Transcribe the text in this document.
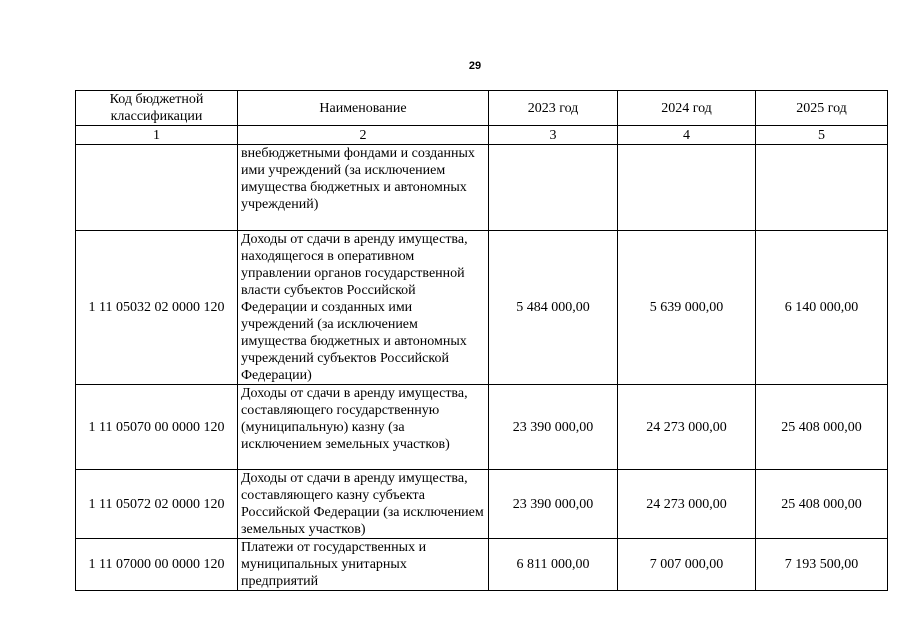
29
Код бюджетной классификации	Наименование	2023 год	2024 год	2025 год
1	2	3	4	5
	внебюджетными фондами и созданных ими учреждений (за исключением имущества бюджетных и автономных учреждений)			
1 11 05032 02 0000 120	Доходы от сдачи в аренду имущества, находящегося в оперативном управлении органов государственной власти субъектов Российской Федерации и созданных ими учреждений (за исключением имущества бюджетных и автономных учреждений субъектов Российской Федерации)	5 484 000,00	5 639 000,00	6 140 000,00
1 11 05070 00 0000 120	Доходы от сдачи в аренду имущества, составляющего государственную (муниципальную) казну (за исключением земельных участков)	23 390 000,00	24 273 000,00	25 408 000,00
1 11 05072 02 0000 120	Доходы от сдачи в аренду имущества, составляющего казну субъекта Российской Федерации (за исключением земельных участков)	23 390 000,00	24 273 000,00	25 408 000,00
1 11 07000 00 0000 120	Платежи от государственных и муниципальных унитарных предприятий	6 811 000,00	7 007 000,00	7 193 500,00
